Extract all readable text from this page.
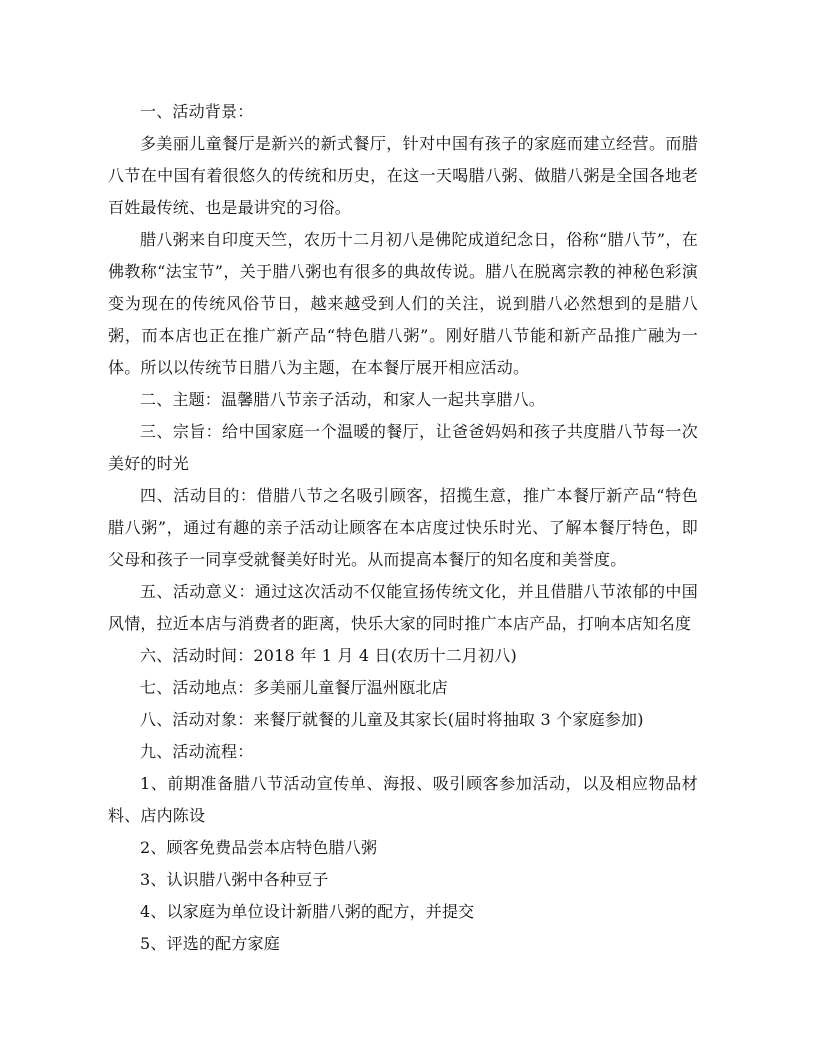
一、活动背景：

多美丽儿童餐厅是新兴的新式餐厅，针对中国有孩子的家庭而建立经营。而腊八节在中国有着很悠久的传统和历史，在这一天喝腊八粥、做腊八粥是全国各地老百姓最传统、也是最讲究的习俗。

腊八粥来自印度天竺，农历十二月初八是佛陀成道纪念日，俗称“腊八节”，在佛教称“法宝节”，关于腊八粥也有很多的典故传说。腊八在脱离宗教的神秘色彩演变为现在的传统风俗节日，越来越受到人们的关注，说到腊八必然想到的是腊八粥，而本店也正在推广新产品“特色腊八粥”。刚好腊八节能和新产品推广融为一体。所以以传统节日腊八为主题，在本餐厅展开相应活动。

二、主题：温馨腊八节亲子活动，和家人一起共享腊八。

三、宗旨：给中国家庭一个温暖的餐厅，让爸爸妈妈和孩子共度腊八节每一次美好的时光

四、活动目的：借腊八节之名吸引顾客，招揽生意，推广本餐厅新产品“特色腊八粥”，通过有趣的亲子活动让顾客在本店度过快乐时光、了解本餐厅特色，即父母和孩子一同享受就餐美好时光。从而提高本餐厅的知名度和美誉度。

五、活动意义：通过这次活动不仅能宣扬传统文化，并且借腊八节浓郁的中国风情，拉近本店与消费者的距离，快乐大家的同时推广本店产品，打响本店知名度

六、活动时间：2018 年 1 月 4 日(农历十二月初八)

七、活动地点：多美丽儿童餐厅温州瓯北店

八、活动对象：来餐厅就餐的儿童及其家长(届时将抽取 3 个家庭参加)

九、活动流程：

1、前期准备腊八节活动宣传单、海报、吸引顾客参加活动，以及相应物品材料、店内陈设

2、顾客免费品尝本店特色腊八粥

3、认识腊八粥中各种豆子

4、以家庭为单位设计新腊八粥的配方，并提交

5、评选的配方家庭
